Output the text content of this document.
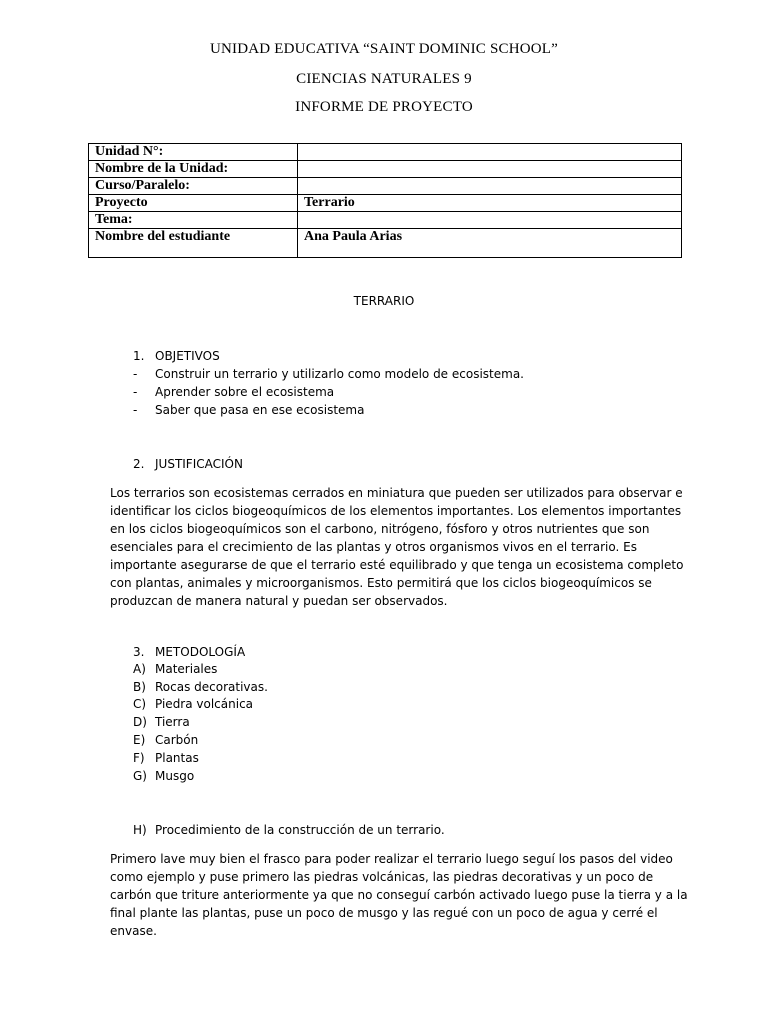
UNIDAD EDUCATIVA “SAINT DOMINIC SCHOOL”
CIENCIAS NATURALES 9
INFORME DE PROYECTO
Unidad N°:	
Nombre de la Unidad:	
Curso/Paralelo:	
Proyecto	Terrario
Tema:	
Nombre del estudiante	Ana Paula Arias
TERRARIO
1. OBJETIVOS
- Construir un terrario y utilizarlo como modelo de ecosistema.
- Aprender sobre el ecosistema
- Saber que pasa en ese ecosistema
2. JUSTIFICACIÓN
Los terrarios son ecosistemas cerrados en miniatura que pueden ser utilizados para observar e
identificar los ciclos biogeoquímicos de los elementos importantes. Los elementos importantes
en los ciclos biogeoquímicos son el carbono, nitrógeno, fósforo y otros nutrientes que son
esenciales para el crecimiento de las plantas y otros organismos vivos en el terrario. Es
importante asegurarse de que el terrario esté equilibrado y que tenga un ecosistema completo
con plantas, animales y microorganismos. Esto permitirá que los ciclos biogeoquímicos se
produzcan de manera natural y puedan ser observados.
3. METODOLOGÍA
A) Materiales
B) Rocas decorativas.
C) Piedra volcánica
D) Tierra
E) Carbón
F) Plantas
G) Musgo
H) Procedimiento de la construcción de un terrario.
Primero lave muy bien el frasco para poder realizar el terrario luego seguí los pasos del video
como ejemplo y puse primero las piedras volcánicas, las piedras decorativas y un poco de
carbón que triture anteriormente ya que no conseguí carbón activado luego puse la tierra y a la
final plante las plantas, puse un poco de musgo y las regué con un poco de agua y cerré el
envase.
